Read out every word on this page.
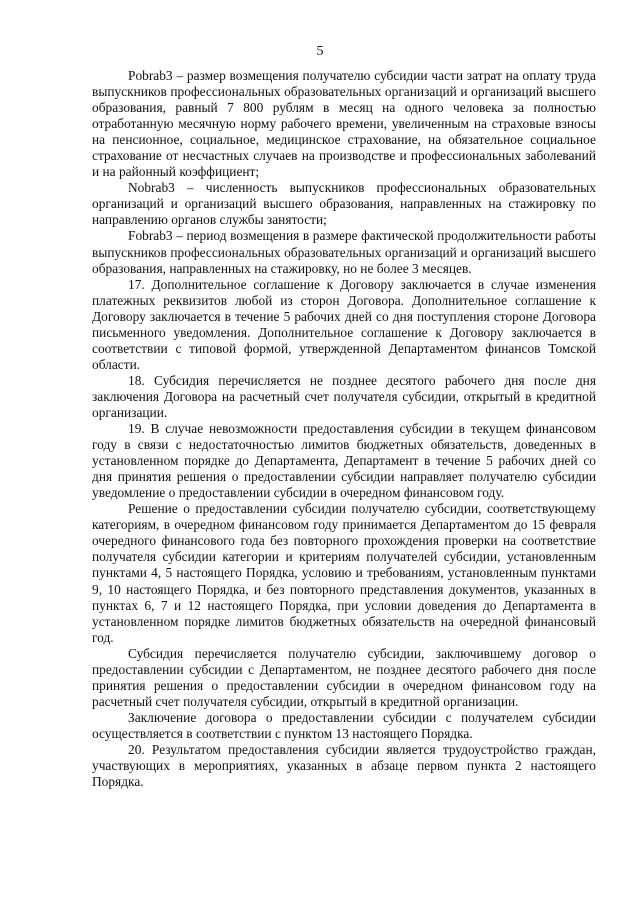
5

Pobrab3 – размер возмещения получателю субсидии части затрат на оплату труда выпускников профессиональных образовательных организаций и организаций высшего образования, равный 7 800 рублям в месяц на одного человека за полностью отработанную месячную норму рабочего времени, увеличенным на страховые взносы на пенсионное, социальное, медицинское страхование, на обязательное социальное страхование от несчастных случаев на производстве и профессиональных заболеваний и на районный коэффициент;

Nobrab3 – численность выпускников профессиональных образовательных организаций и организаций высшего образования, направленных на стажировку по направлению органов службы занятости;

Fobrab3 – период возмещения в размере фактической продолжительности работы выпускников профессиональных образовательных организаций и организаций высшего образования, направленных на стажировку, но не более 3 месяцев.

17. Дополнительное соглашение к Договору заключается в случае изменения платежных реквизитов любой из сторон Договора. Дополнительное соглашение к Договору заключается в течение 5 рабочих дней со дня поступления стороне Договора письменного уведомления. Дополнительное соглашение к Договору заключается в соответствии с типовой формой, утвержденной Департаментом финансов Томской области.

18. Субсидия перечисляется не позднее десятого рабочего дня после дня заключения Договора на расчетный счет получателя субсидии, открытый в кредитной организации.

19. В случае невозможности предоставления субсидии в текущем финансовом году в связи с недостаточностью лимитов бюджетных обязательств, доведенных в установленном порядке до Департамента, Департамент в течение 5 рабочих дней со дня принятия решения о предоставлении субсидии направляет получателю субсидии уведомление о предоставлении субсидии в очередном финансовом году.

Решение о предоставлении субсидии получателю субсидии, соответствующему категориям, в очередном финансовом году принимается Департаментом до 15 февраля очередного финансового года без повторного прохождения проверки на соответствие получателя субсидии категории и критериям получателей субсидии, установленным пунктами 4, 5 настоящего Порядка, условию и требованиям, установленным пунктами 9, 10 настоящего Порядка, и без повторного представления документов, указанных в пунктах 6, 7 и 12 настоящего Порядка, при условии доведения до Департамента в установленном порядке лимитов бюджетных обязательств на очередной финансовый год.

Субсидия перечисляется получателю субсидии, заключившему договор о предоставлении субсидии с Департаментом, не позднее десятого рабочего дня после принятия решения о предоставлении субсидии в очередном финансовом году на расчетный счет получателя субсидии, открытый в кредитной организации.

Заключение договора о предоставлении субсидии с получателем субсидии осуществляется в соответствии с пунктом 13 настоящего Порядка.

20. Результатом предоставления субсидии является трудоустройство граждан, участвующих в мероприятиях, указанных в абзаце первом пункта 2 настоящего Порядка.
